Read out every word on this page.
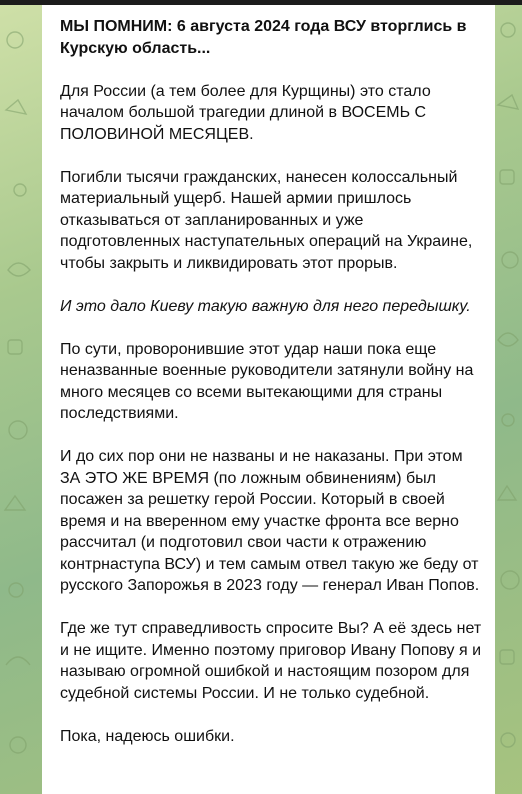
МЫ ПОМНИМ: 6 августа 2024 года ВСУ вторглись в Курскую область...

Для России (а тем более для Курщины) это стало началом большой трагедии длиной в ВОСЕМЬ С ПОЛОВИНОЙ МЕСЯЦЕВ.

Погибли тысячи гражданских, нанесен колоссальный материальный ущерб. Нашей армии пришлось отказываться от запланированных и уже подготовленных наступательных операций на Украине, чтобы закрыть и ликвидировать этот прорыв.

И это дало Киеву такую важную для него передышку.

По сути, проворонившие этот удар наши пока еще неназванные военные руководители затянули войну на много месяцев со всеми вытекающими для страны последствиями.

И до сих пор они не названы и не наказаны. При этом ЗА ЭТО ЖЕ ВРЕМЯ (по ложным обвинениям) был посажен за решетку герой России. Который в своей время и на вверенном ему участке фронта все верно рассчитал (и подготовил свои части к отражению контрнаступа ВСУ) и тем самым отвел такую же беду от русского Запорожья в 2023 году — генерал Иван Попов.

Где же тут справедливость спросите Вы? А её здесь нет и не ищите. Именно поэтому приговор Ивану Попову я и называю огромной ошибкой и настоящим позором для судебной системы России. И не только судебной.

Пока, надеюсь ошибки.
